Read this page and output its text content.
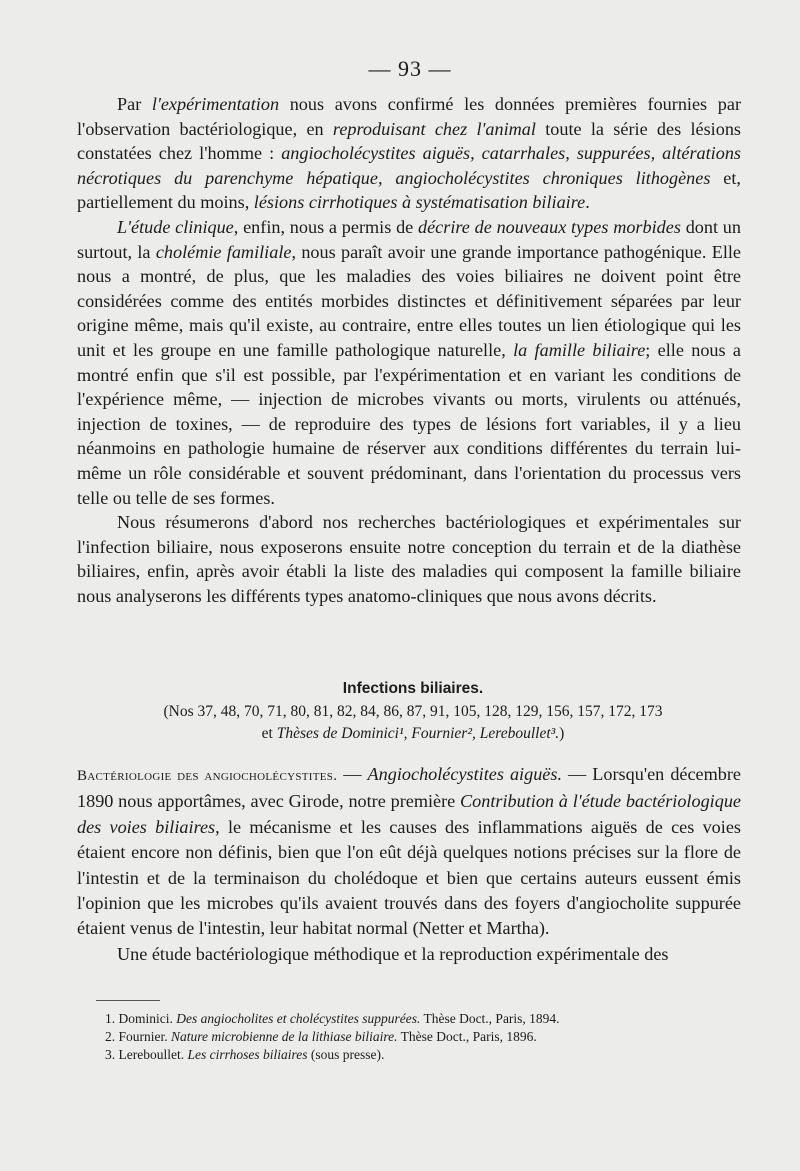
— 93 —

Par l'expérimentation nous avons confirmé les données premières fournies par l'observation bactériologique, en reproduisant chez l'animal toute la série des lésions constatées chez l'homme : angiocholécystites aiguës, catarrhales, suppurées, altérations nécrotiques du parenchyme hépatique, angiocholécystites chroniques lithogènes et, partiellement du moins, lésions cirrhotiques à systématisation biliaire.

L'étude clinique, enfin, nous a permis de décrire de nouveaux types morbides dont un surtout, la cholémie familiale, nous paraît avoir une grande importance pathogénique. Elle nous a montré, de plus, que les maladies des voies biliaires ne doivent point être considérées comme des entités morbides distinctes et définitivement séparées par leur origine même, mais qu'il existe, au contraire, entre elles toutes un lien étiologique qui les unit et les groupe en une famille pathologique naturelle, la famille biliaire; elle nous a montré enfin que s'il est possible, par l'expérimentation et en variant les conditions de l'expérience même, — injection de microbes vivants ou morts, virulents ou atténués, injection de toxines, — de reproduire des types de lésions fort variables, il y a lieu néanmoins en pathologie humaine de réserver aux conditions différentes du terrain lui-même un rôle considérable et souvent prédominant, dans l'orientation du processus vers telle ou telle de ses formes.

Nous résumerons d'abord nos recherches bactériologiques et expérimentales sur l'infection biliaire, nous exposerons ensuite notre conception du terrain et de la diathèse biliaires, enfin, après avoir établi la liste des maladies qui composent la famille biliaire nous analyserons les différents types anatomo-cliniques que nous avons décrits.

Infections biliaires.
(Nos 37, 48, 70, 71, 80, 81, 82, 84, 86, 87, 91, 105, 128, 129, 156, 157, 172, 173
et Thèses de Dominici¹, Fournier², Lereboullet³.)

Bactériologie des angiocholécystites. — Angiocholécystites aiguës. — Lorsqu'en décembre 1890 nous apportâmes, avec Girode, notre première Contribution à l'étude bactériologique des voies biliaires, le mécanisme et les causes des inflammations aiguës de ces voies étaient encore non définis, bien que l'on eût déjà quelques notions précises sur la flore de l'intestin et de la terminaison du cholédoque et bien que certains auteurs eussent émis l'opinion que les microbes qu'ils avaient trouvés dans des foyers d'angiocholite suppurée étaient venus de l'intestin, leur habitat normal (Netter et Martha).

Une étude bactériologique méthodique et la reproduction expérimentale des

1. Dominici. Des angiocholites et cholécystites suppurées. Thèse Doct., Paris, 1894.
2. Fournier. Nature microbienne de la lithiase biliaire. Thèse Doct., Paris, 1896.
3. Lereboullet. Les cirrhoses biliaires (sous presse).
